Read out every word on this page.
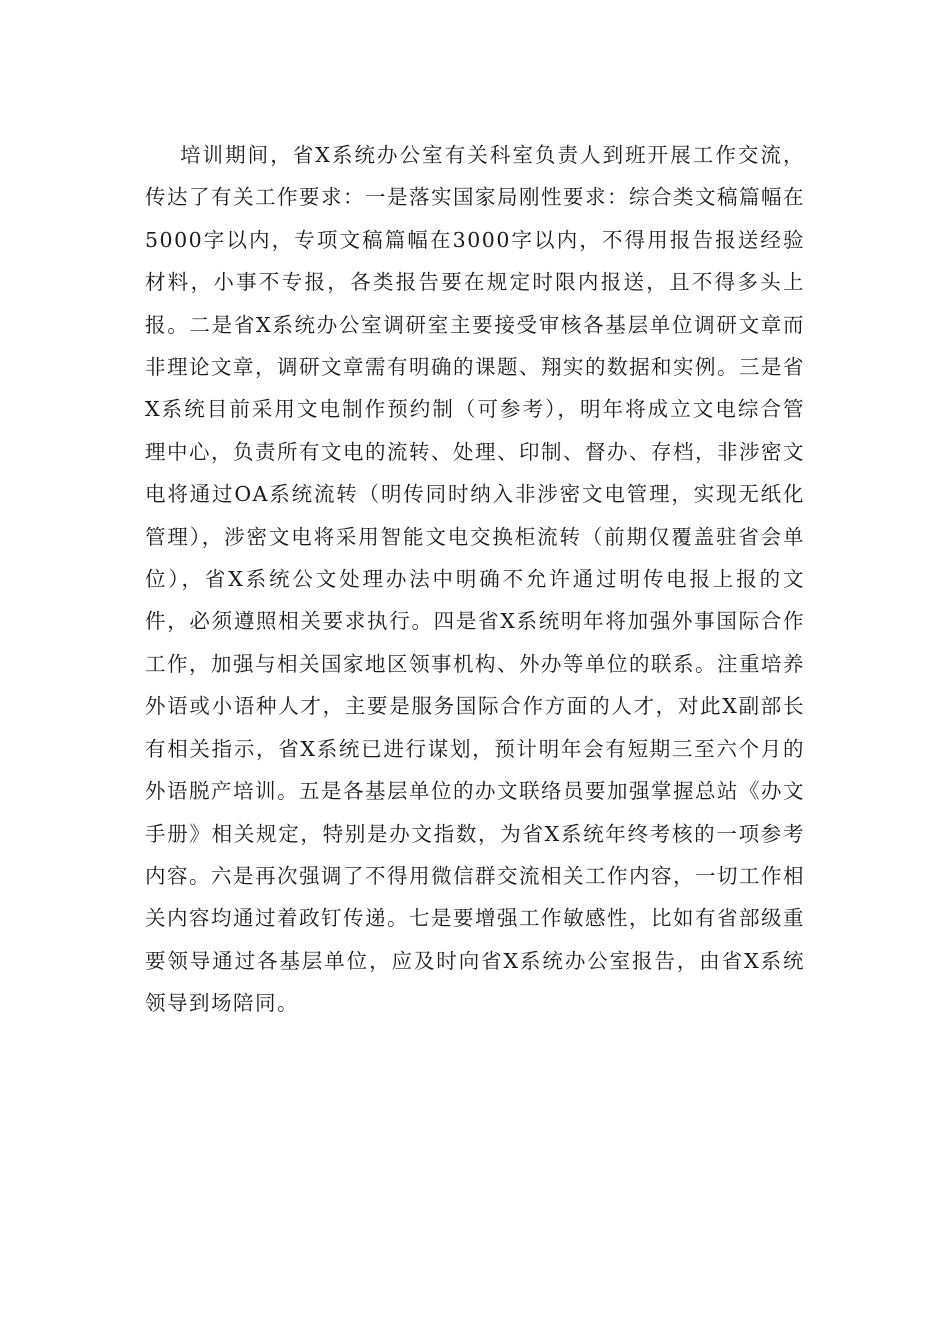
培训期间，省X系统办公室有关科室负责人到班开展工作交流，传达了有关工作要求：一是落实国家局刚性要求：综合类文稿篇幅在5000字以内，专项文稿篇幅在3000字以内，不得用报告报送经验材料，小事不专报，各类报告要在规定时限内报送，且不得多头上报。二是省X系统办公室调研室主要接受审核各基层单位调研文章而非理论文章，调研文章需有明确的课题、翔实的数据和实例。三是省X系统目前采用文电制作预约制（可参考），明年将成立文电综合管理中心，负责所有文电的流转、处理、印制、督办、存档，非涉密文电将通过OA系统流转（明传同时纳入非涉密文电管理，实现无纸化管理），涉密文电将采用智能文电交换柜流转（前期仅覆盖驻省会单位），省X系统公文处理办法中明确不允许通过明传电报上报的文件，必须遵照相关要求执行。四是省X系统明年将加强外事国际合作工作，加强与相关国家地区领事机构、外办等单位的联系。注重培养外语或小语种人才，主要是服务国际合作方面的人才，对此X副部长有相关指示，省X系统已进行谋划，预计明年会有短期三至六个月的外语脱产培训。五是各基层单位的办文联络员要加强掌握总站《办文手册》相关规定，特别是办文指数，为省X系统年终考核的一项参考内容。六是再次强调了不得用微信群交流相关工作内容，一切工作相关内容均通过着政钉传递。七是要增强工作敏感性，比如有省部级重要领导通过各基层单位，应及时向省X系统办公室报告，由省X系统领导到场陪同。
